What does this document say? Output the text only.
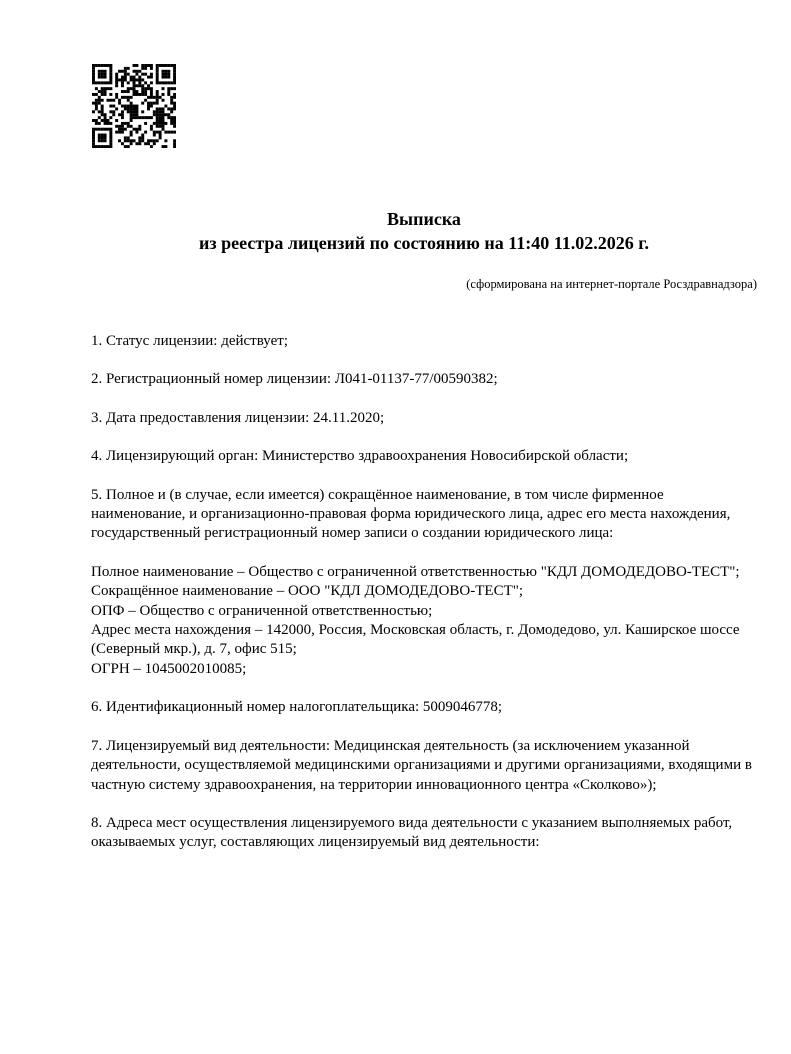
Выписка
из реестра лицензий по состоянию на 11:40 11.02.2026 г.
(сформирована на интернет-портале Росздравнадзора)

1. Статус лицензии: действует;

2. Регистрационный номер лицензии: Л041-01137-77/00590382;

3. Дата предоставления лицензии: 24.11.2020;

4. Лицензирующий орган: Министерство здравоохранения Новосибирской области;

5. Полное и (в случае, если имеется) сокращённое наименование, в том числе фирменное наименование, и организационно-правовая форма юридического лица, адрес его места нахождения, государственный регистрационный номер записи о создании юридического лица:

Полное наименование – Общество с ограниченной ответственностью "КДЛ ДОМОДЕДОВО-ТЕСТ";
Сокращённое наименование – ООО "КДЛ ДОМОДЕДОВО-ТЕСТ";
ОПФ – Общество с ограниченной ответственностью;
Адрес места нахождения – 142000, Россия, Московская область, г. Домодедово, ул. Каширское шоссе (Северный мкр.), д. 7, офис 515;
ОГРН – 1045002010085;

6. Идентификационный номер налогоплательщика: 5009046778;

7. Лицензируемый вид деятельности: Медицинская деятельность (за исключением указанной деятельности, осуществляемой медицинскими организациями и другими организациями, входящими в частную систему здравоохранения, на территории инновационного центра «Сколково»);

8. Адреса мест осуществления лицензируемого вида деятельности с указанием выполняемых работ, оказываемых услуг, составляющих лицензируемый вид деятельности:
